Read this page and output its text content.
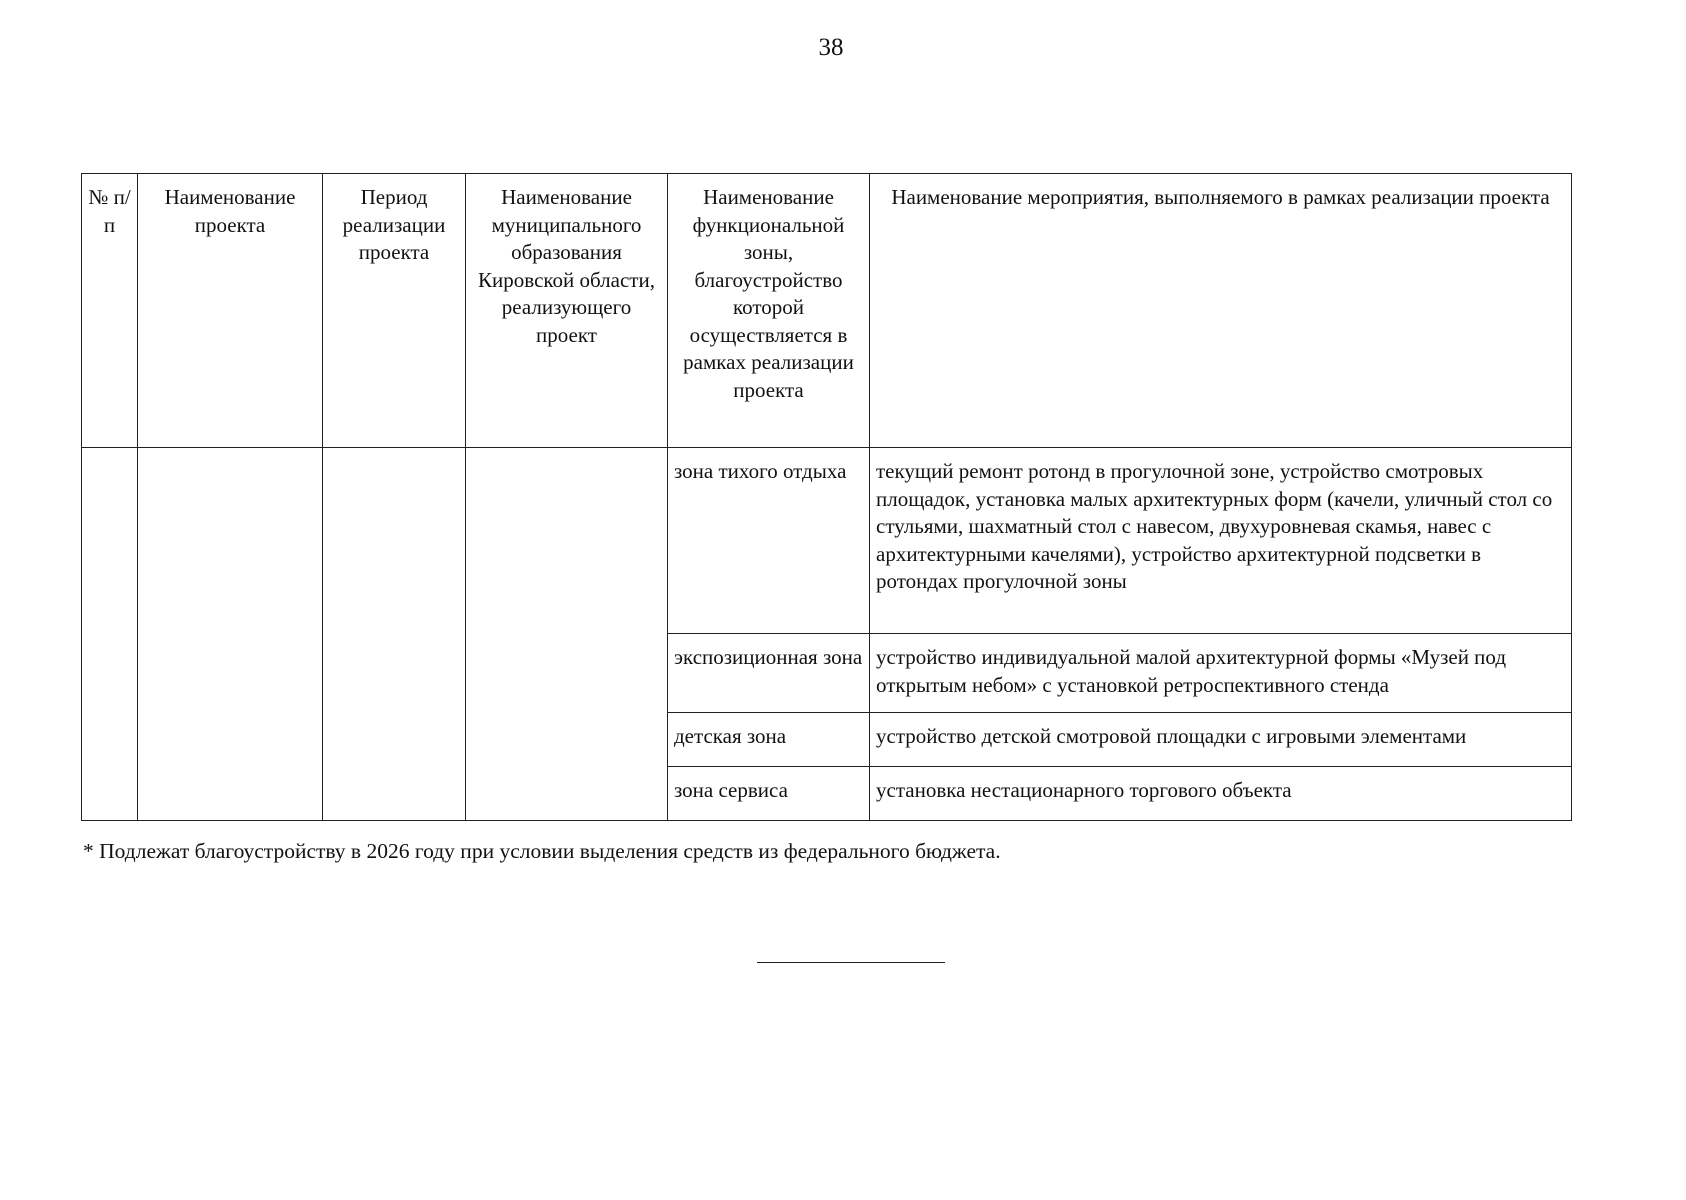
38
№ п/п	Наименование проекта	Период реализации проекта	Наименование муниципального образования Кировской области, реализующего проект	Наименование функциональной зоны, благоустройство которой осуществляется в рамках реализации проекта	Наименование мероприятия, выполняемого в рамках реализации проекта
				зона тихого отдыха	текущий ремонт ротонд в прогулочной зоне, устройство смотровых площадок, установка малых архитектурных форм (качели, уличный стол со стульями, шахматный стол с навесом, двухуровневая скамья, навес с архитектурными качелями), устройство архитектурной подсветки в ротондах прогулочной зоны
				экспозиционная зона	устройство индивидуальной малой архитектурной формы «Музей под открытым небом» с установкой ретроспективного стенда
				детская зона	устройство детской смотровой площадки с игровыми элементами
				зона сервиса	установка нестационарного торгового объекта
* Подлежат благоустройству в 2026 году при условии выделения средств из федерального бюджета.
